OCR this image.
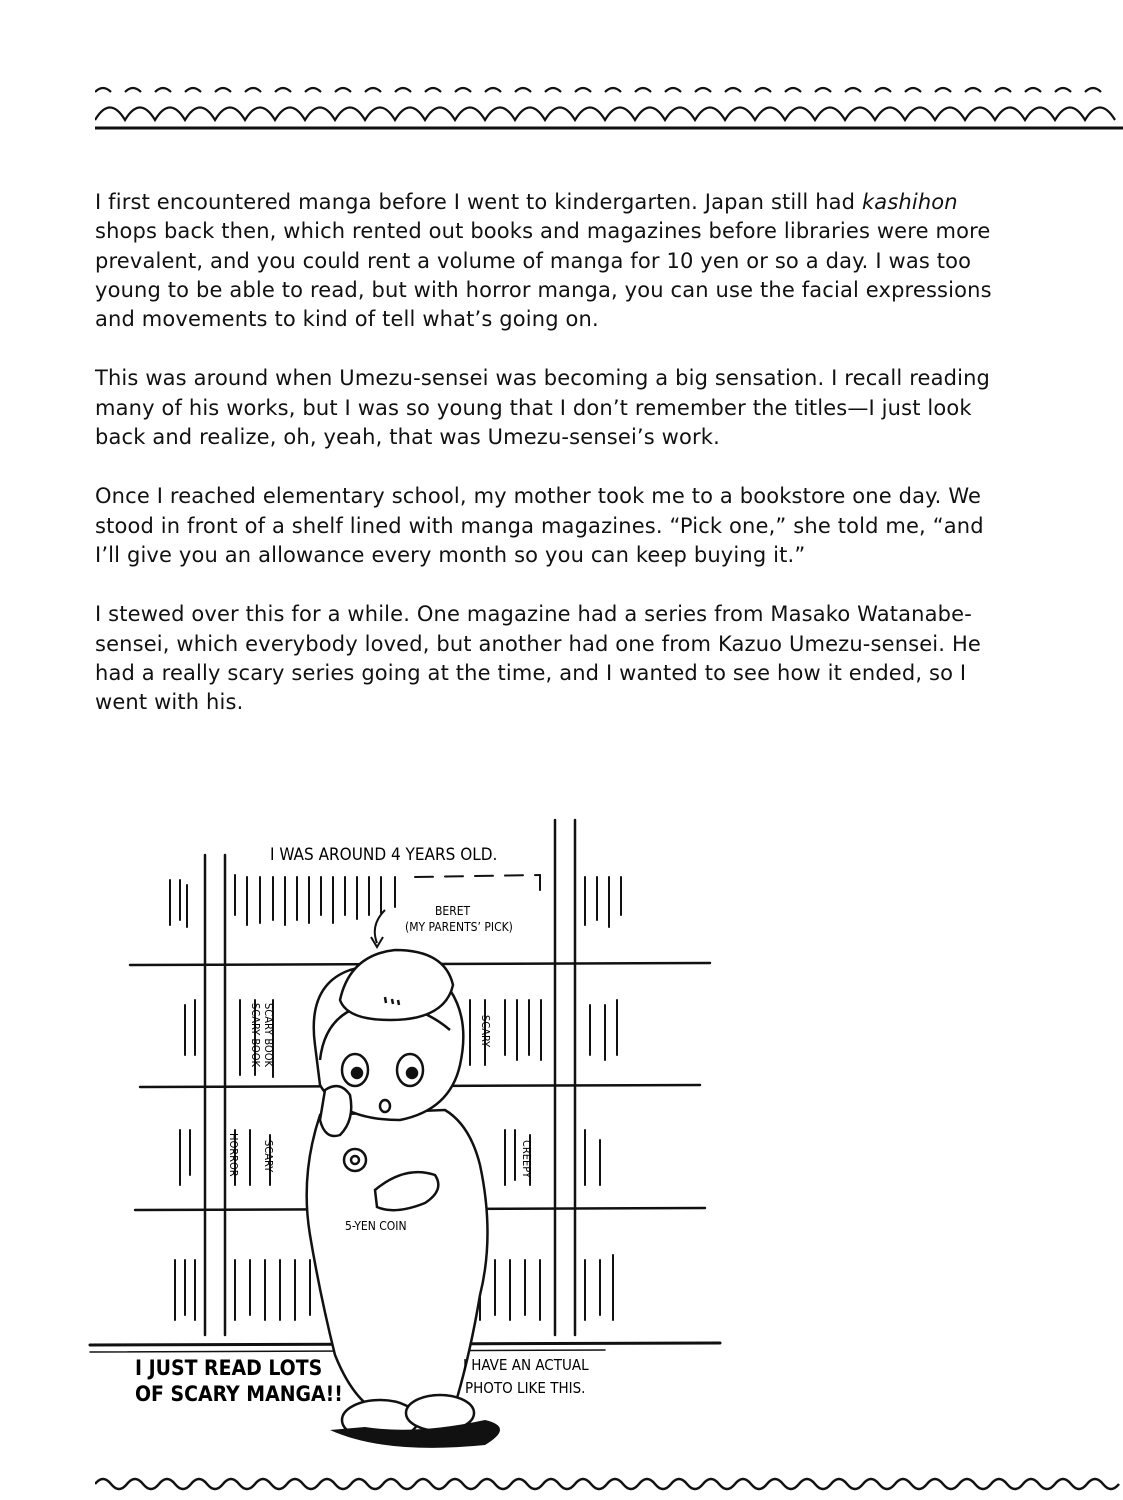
I first encountered manga before I went to kindergarten. Japan still had kashihon shops back then, which rented out books and magazines before libraries were more prevalent, and you could rent a volume of manga for 10 yen or so a day. I was too young to be able to read, but with horror manga, you can use the facial expressions and movements to kind of tell what’s going on.

This was around when Umezu-sensei was becoming a big sensation. I recall reading many of his works, but I was so young that I don’t remember the titles—I just look back and realize, oh, yeah, that was Umezu-sensei’s work.

Once I reached elementary school, my mother took me to a bookstore one day. We stood in front of a shelf lined with manga magazines. “Pick one,” she told me, “and I’ll give you an allowance every month so you can keep buying it.”

I stewed over this for a while. One magazine had a series from Masako Watanabe-sensei, which everybody loved, but another had one from Kazuo Umezu-sensei. He had a really scary series going at the time, and I wanted to see how it ended, so I went with his.

I WAS AROUND 4 YEARS OLD.
BERET
(MY PARENTS’ PICK)
5-YEN COIN
I JUST READ LOTS
OF SCARY MANGA!!
I HAVE AN ACTUAL
PHOTO LIKE THIS.
SCARY BOOK SCARY BOOK	SCARY
HORROR SCARY	CREEPY
